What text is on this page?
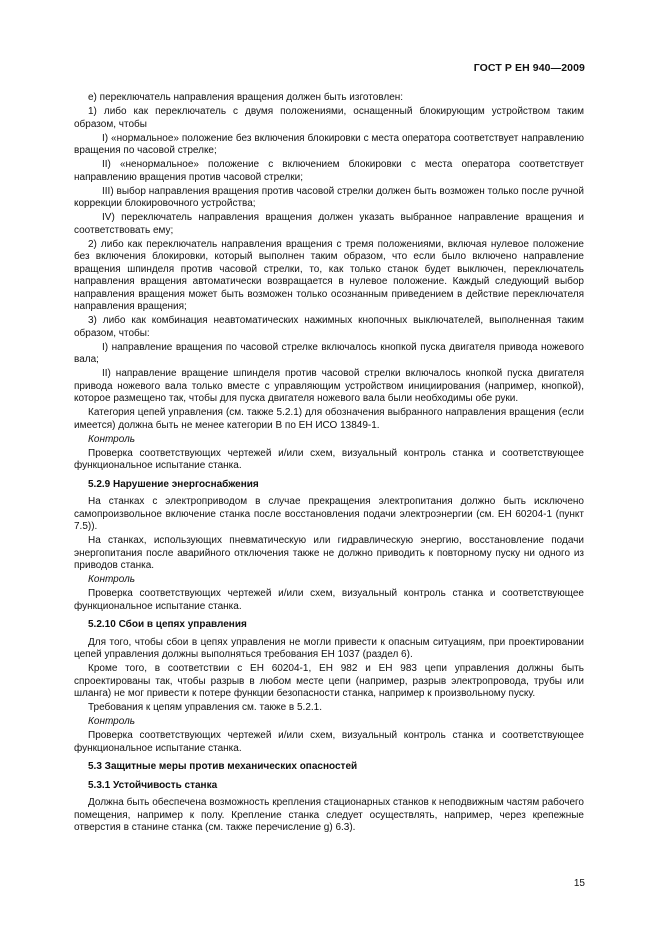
ГОСТ Р ЕН 940—2009

е) переключатель направления вращения должен быть изготовлен:

1) либо как переключатель с двумя положениями, оснащенный блокирующим устройством таким образом, чтобы

I) «нормальное» положение без включения блокировки с места оператора соответствует направлению вращения по часовой стрелке;

II) «ненормальное» положение с включением блокировки с места оператора соответствует направлению вращения против часовой стрелки;

III) выбор направления вращения против часовой стрелки должен быть возможен только после ручной коррекции блокировочного устройства;

IV) переключатель направления вращения должен указать выбранное направление вращения и соответствовать ему;

2) либо как переключатель направления вращения с тремя положениями, включая нулевое положение без включения блокировки, который выполнен таким образом, что если было включено направление вращения шпинделя против часовой стрелки, то, как только станок будет выключен, переключатель направления вращения автоматически возвращается в нулевое положение. Каждый следующий выбор направления вращения может быть возможен только осознанным приведением в действие переключателя направления вращения;

3) либо как комбинация неавтоматических нажимных кнопочных выключателей, выполненная таким образом, чтобы:

I) направление вращения по часовой стрелке включалось кнопкой пуска двигателя привода ножевого вала;

II) направление вращение шпинделя против часовой стрелки включалось кнопкой пуска двигателя привода ножевого вала только вместе с управляющим устройством инициирования (например, кнопкой), которое размещено так, чтобы для пуска двигателя ножевого вала были необходимы обе руки.

Категория цепей управления (см. также 5.2.1) для обозначения выбранного направления вращения (если имеется) должна быть не менее категории В по ЕН ИСО 13849-1.

Контроль

Проверка соответствующих чертежей и/или схем, визуальный контроль станка и соответствующее функциональное испытание станка.

5.2.9 Нарушение энергоснабжения

На станках с электроприводом в случае прекращения электропитания должно быть исключено самопроизвольное включение станка после восстановления подачи электроэнергии (см. ЕН 60204-1 (пункт 7.5)).

На станках, использующих пневматическую или гидравлическую энергию, восстановление подачи энергопитания после аварийного отключения также не должно приводить к повторному пуску ни одного из приводов станка.

Контроль

Проверка соответствующих чертежей и/или схем, визуальный контроль станка и соответствующее функциональное испытание станка.

5.2.10 Сбои в цепях управления

Для того, чтобы сбои в цепях управления не могли привести к опасным ситуациям, при проектировании цепей управления должны выполняться требования ЕН 1037 (раздел 6).

Кроме того, в соответствии с ЕН 60204-1, ЕН 982 и ЕН 983 цепи управления должны быть спроектированы так, чтобы разрыв в любом месте цепи (например, разрыв электропровода, трубы или шланга) не мог привести к потере функции безопасности станка, например к произвольному пуску.

Требования к цепям управления см. также в 5.2.1.

Контроль

Проверка соответствующих чертежей и/или схем, визуальный контроль станка и соответствующее функциональное испытание станка.

5.3 Защитные меры против механических опасностей

5.3.1 Устойчивость станка

Должна быть обеспечена возможность крепления стационарных станков к неподвижным частям рабочего помещения, например к полу. Крепление станка следует осуществлять, например, через крепежные отверстия в станине станка (см. также перечисление g) 6.3).

15
